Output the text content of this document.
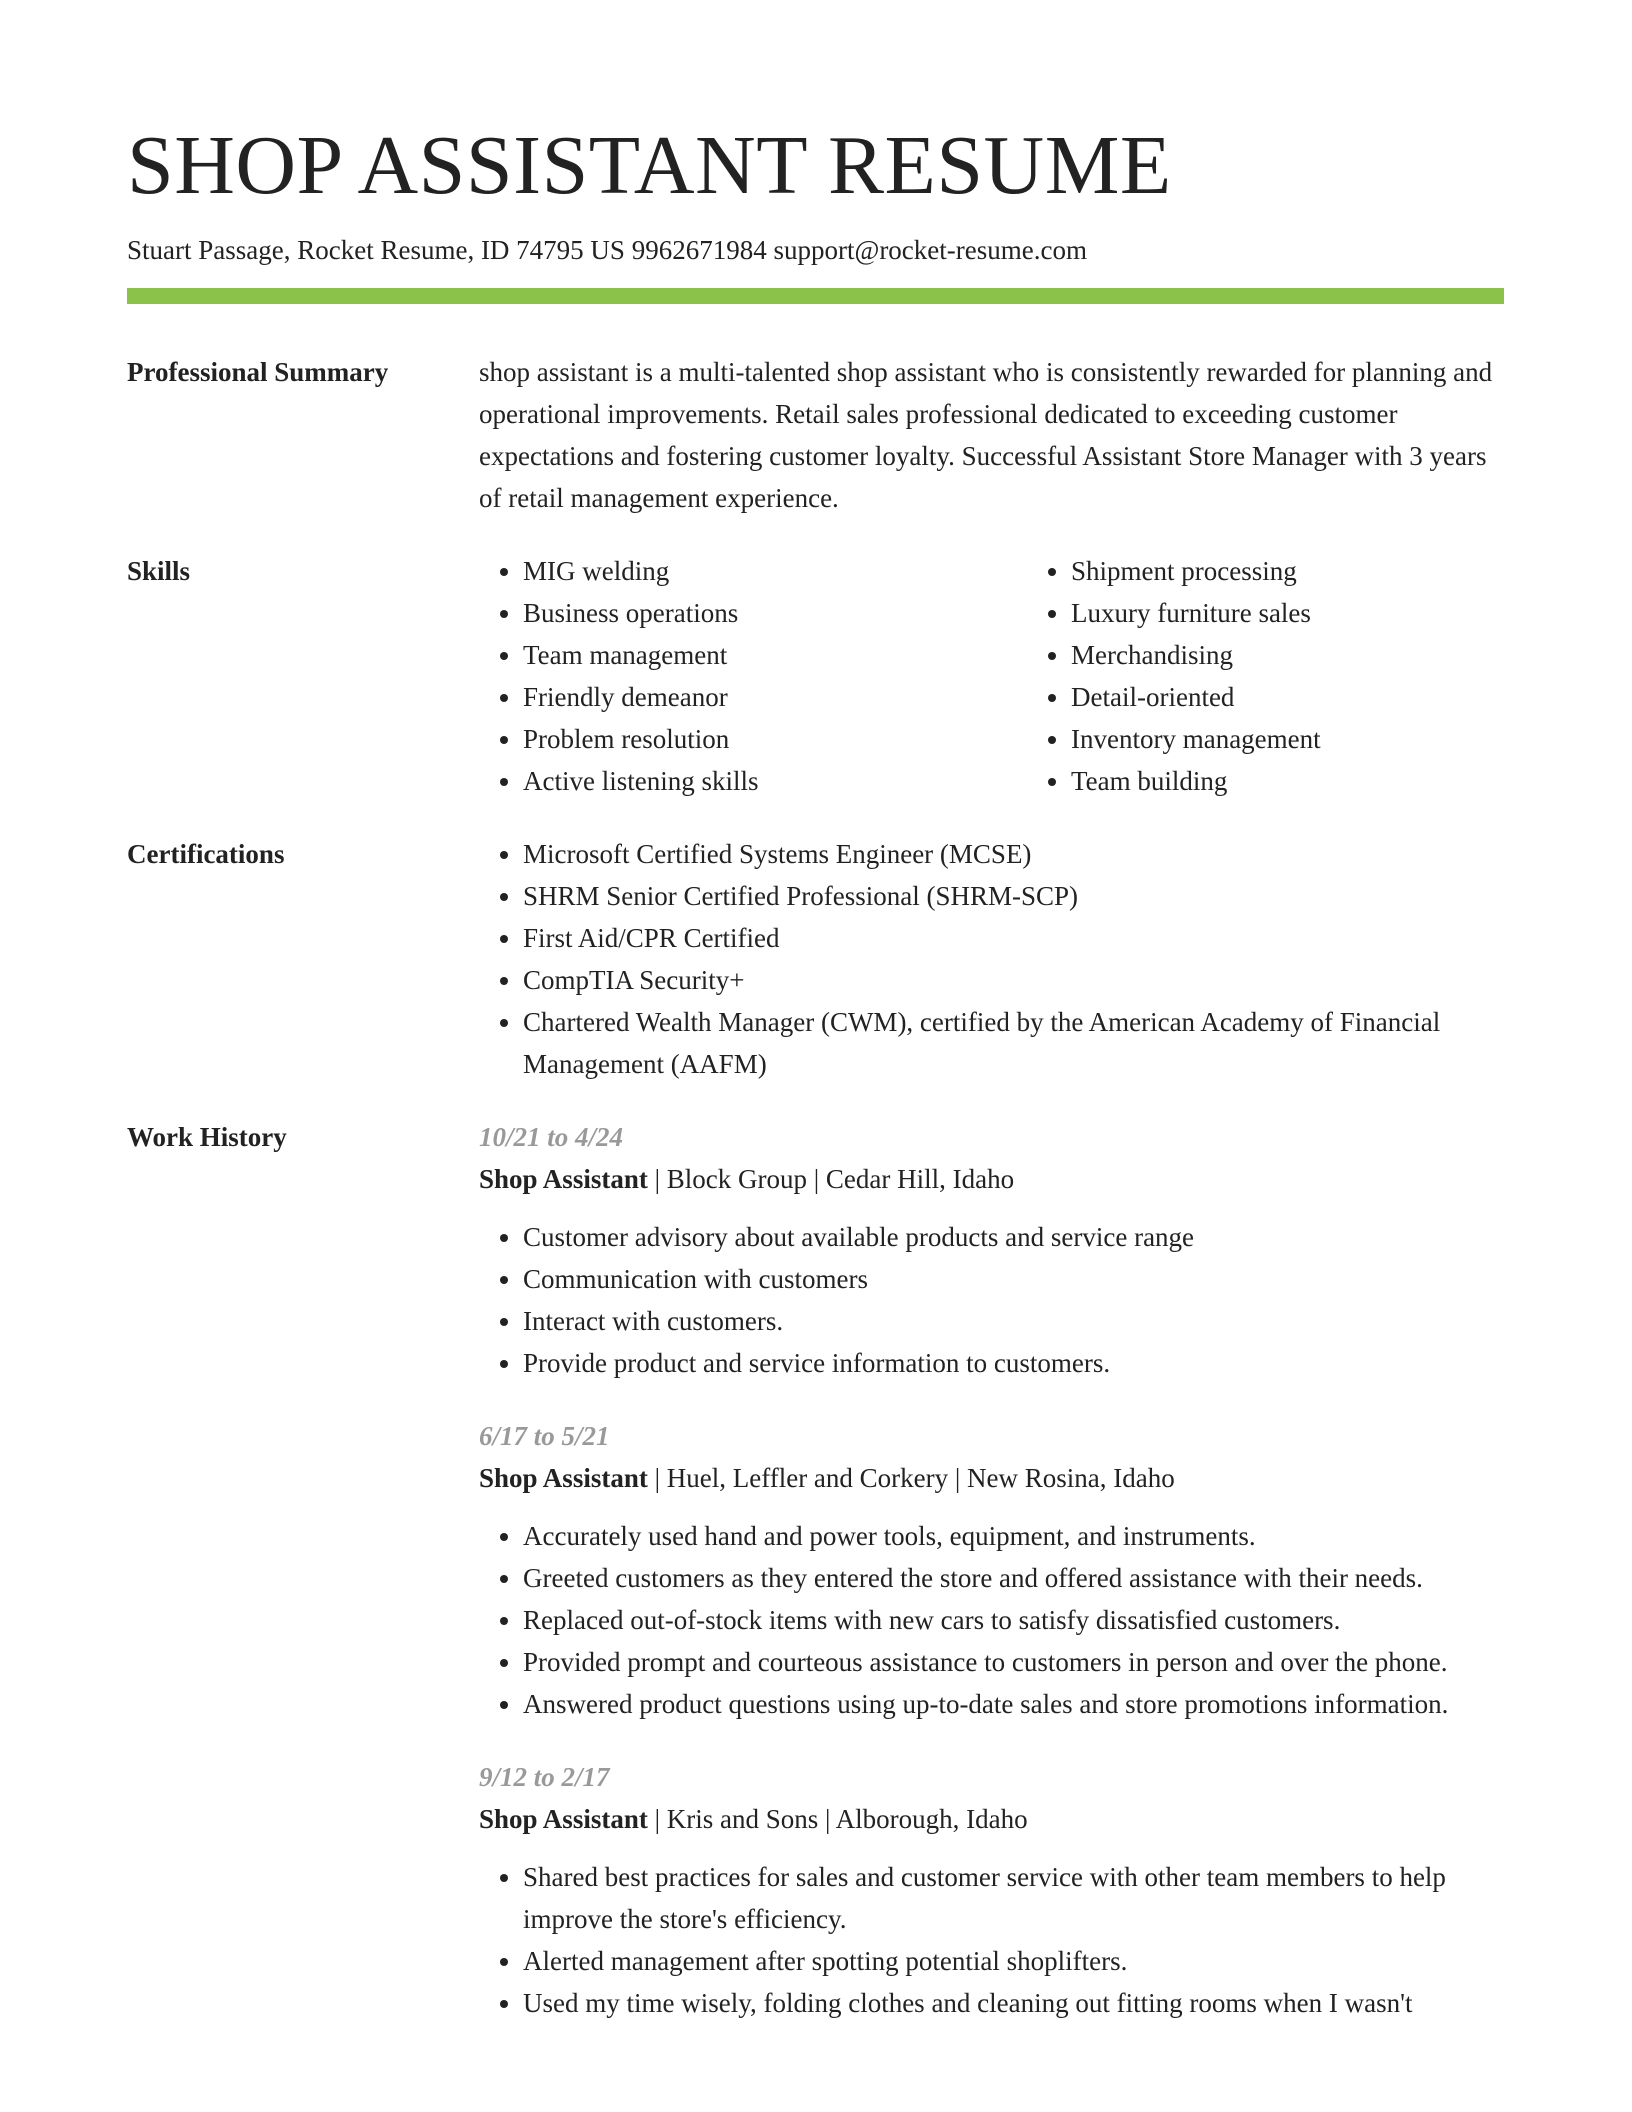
SHOP ASSISTANT RESUME
Stuart Passage, Rocket Resume, ID 74795 US 9962671984 support@rocket-resume.com
Professional Summary	shop assistant is a multi-talented shop assistant who is consistently rewarded for planning and operational improvements. Retail sales professional dedicated to exceeding customer expectations and fostering customer loyalty. Successful Assistant Store Manager with 3 years of retail management experience.
Skills	• MIG welding
• Business operations
• Team management
• Friendly demeanor
• Problem resolution
• Active listening skills
• Shipment processing
• Luxury furniture sales
• Merchandising
• Detail-oriented
• Inventory management
• Team building
Certifications	• Microsoft Certified Systems Engineer (MCSE)
• SHRM Senior Certified Professional (SHRM-SCP)
• First Aid/CPR Certified
• CompTIA Security+
• Chartered Wealth Manager (CWM), certified by the American Academy of Financial Management (AAFM)
Work History	10/21 to 4/24
Shop Assistant | Block Group | Cedar Hill, Idaho
• Customer advisory about available products and service range
• Communication with customers
• Interact with customers.
• Provide product and service information to customers.
6/17 to 5/21
Shop Assistant | Huel, Leffler and Corkery | New Rosina, Idaho
• Accurately used hand and power tools, equipment, and instruments.
• Greeted customers as they entered the store and offered assistance with their needs.
• Replaced out-of-stock items with new cars to satisfy dissatisfied customers.
• Provided prompt and courteous assistance to customers in person and over the phone.
• Answered product questions using up-to-date sales and store promotions information.
9/12 to 2/17
Shop Assistant | Kris and Sons | Alborough, Idaho
• Shared best practices for sales and customer service with other team members to help improve the store's efficiency.
• Alerted management after spotting potential shoplifters.
• Used my time wisely, folding clothes and cleaning out fitting rooms when I wasn't
